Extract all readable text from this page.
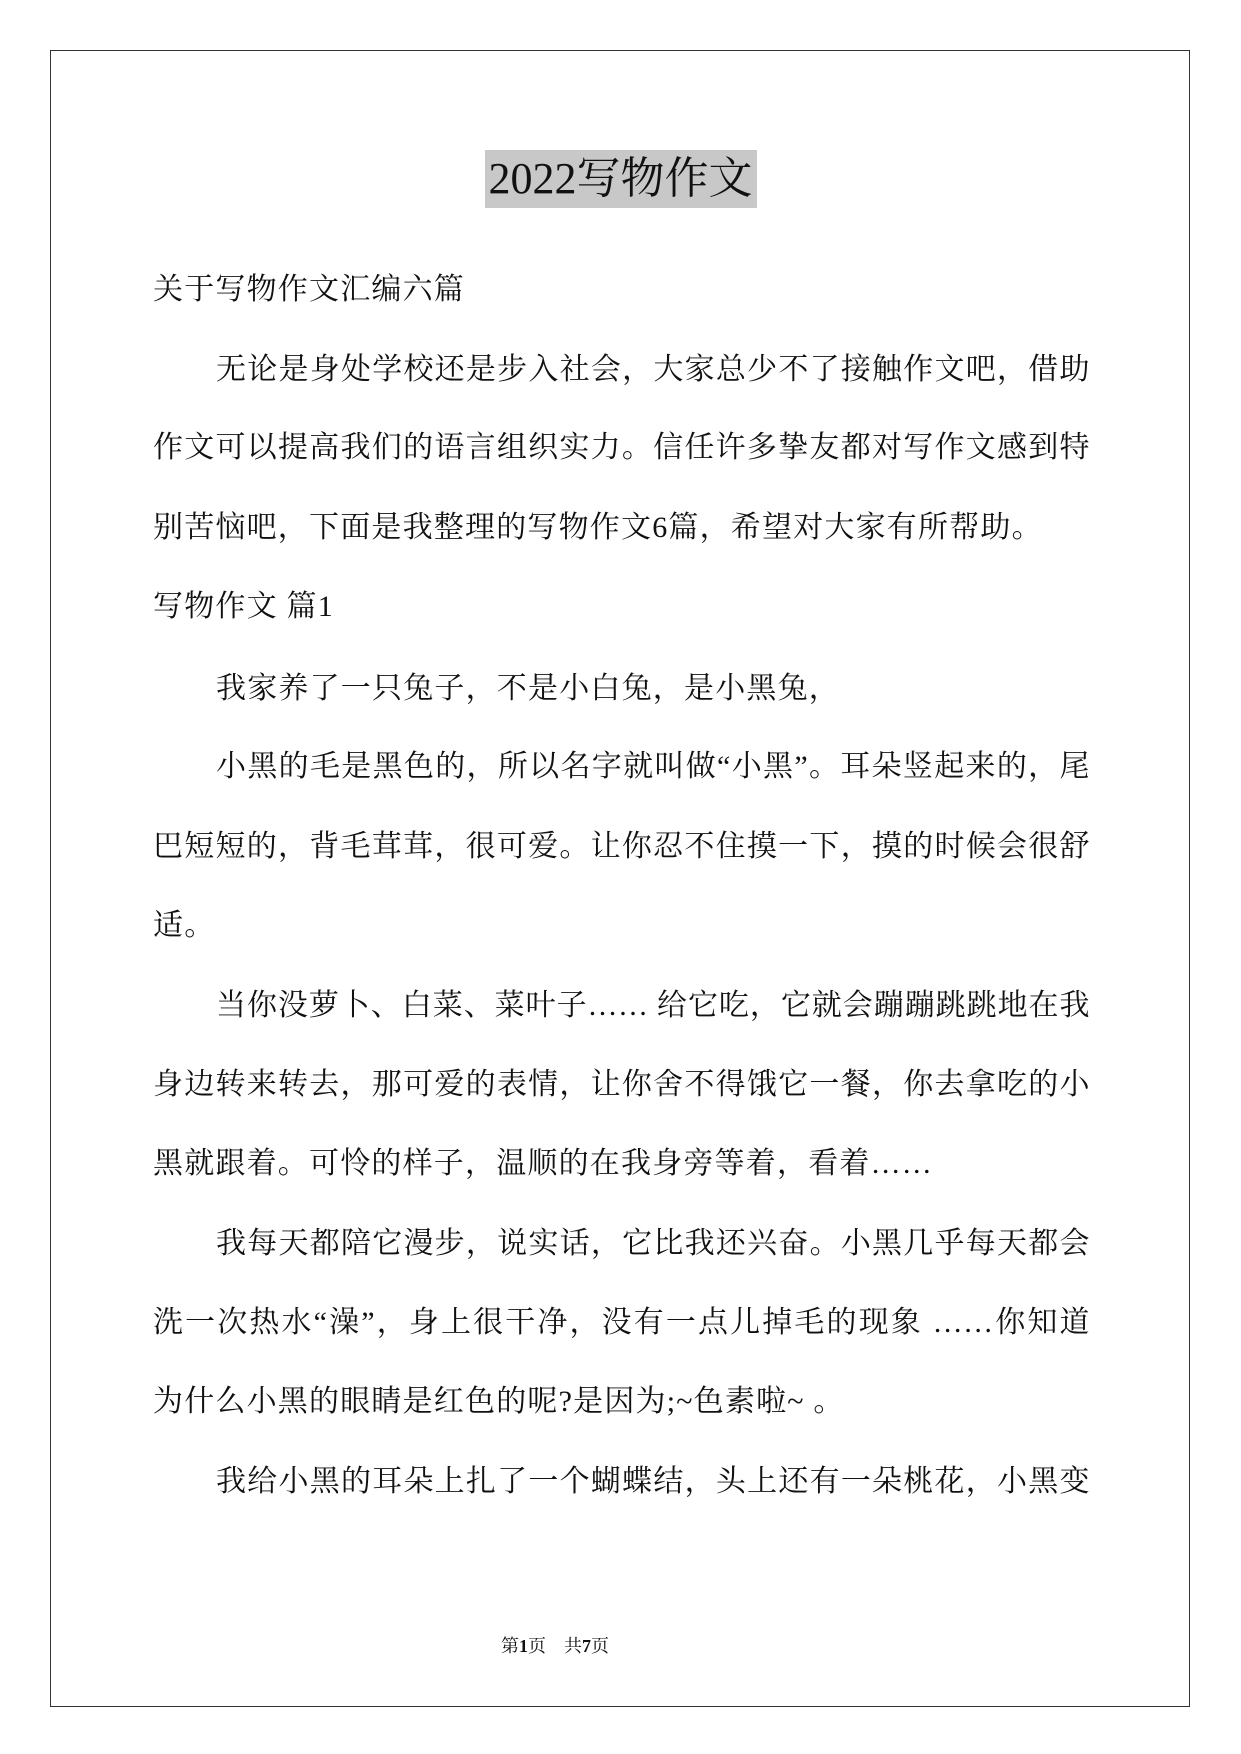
2022写物作文
关于写物作文汇编六篇
无论是身处学校还是步入社会，大家总少不了接触作文吧，借助
作文可以提高我们的语言组织实力。信任许多挚友都对写作文感到特
别苦恼吧，下面是我整理的写物作文6篇，希望对大家有所帮助。
写物作文 篇1
我家养了一只兔子，不是小白兔，是小黑兔，
小黑的毛是黑色的，所以名字就叫做“小黑”。耳朵竖起来的，尾
巴短短的，背毛茸茸，很可爱。让你忍不住摸一下，摸的时候会很舒
适。
当你没萝卜、白菜、菜叶子…… 给它吃，它就会蹦蹦跳跳地在我
身边转来转去，那可爱的表情，让你舍不得饿它一餐，你去拿吃的小
黑就跟着。可怜的样子，温顺的在我身旁等着，看着……
我每天都陪它漫步，说实话，它比我还兴奋。小黑几乎每天都会
洗一次热水“澡”，身上很干净，没有一点儿掉毛的现象 ……你知道
为什么小黑的眼睛是红色的呢?是因为;~色素啦~ 。
我给小黑的耳朵上扎了一个蝴蝶结，头上还有一朵桃花，小黑变
第1页 共7页
